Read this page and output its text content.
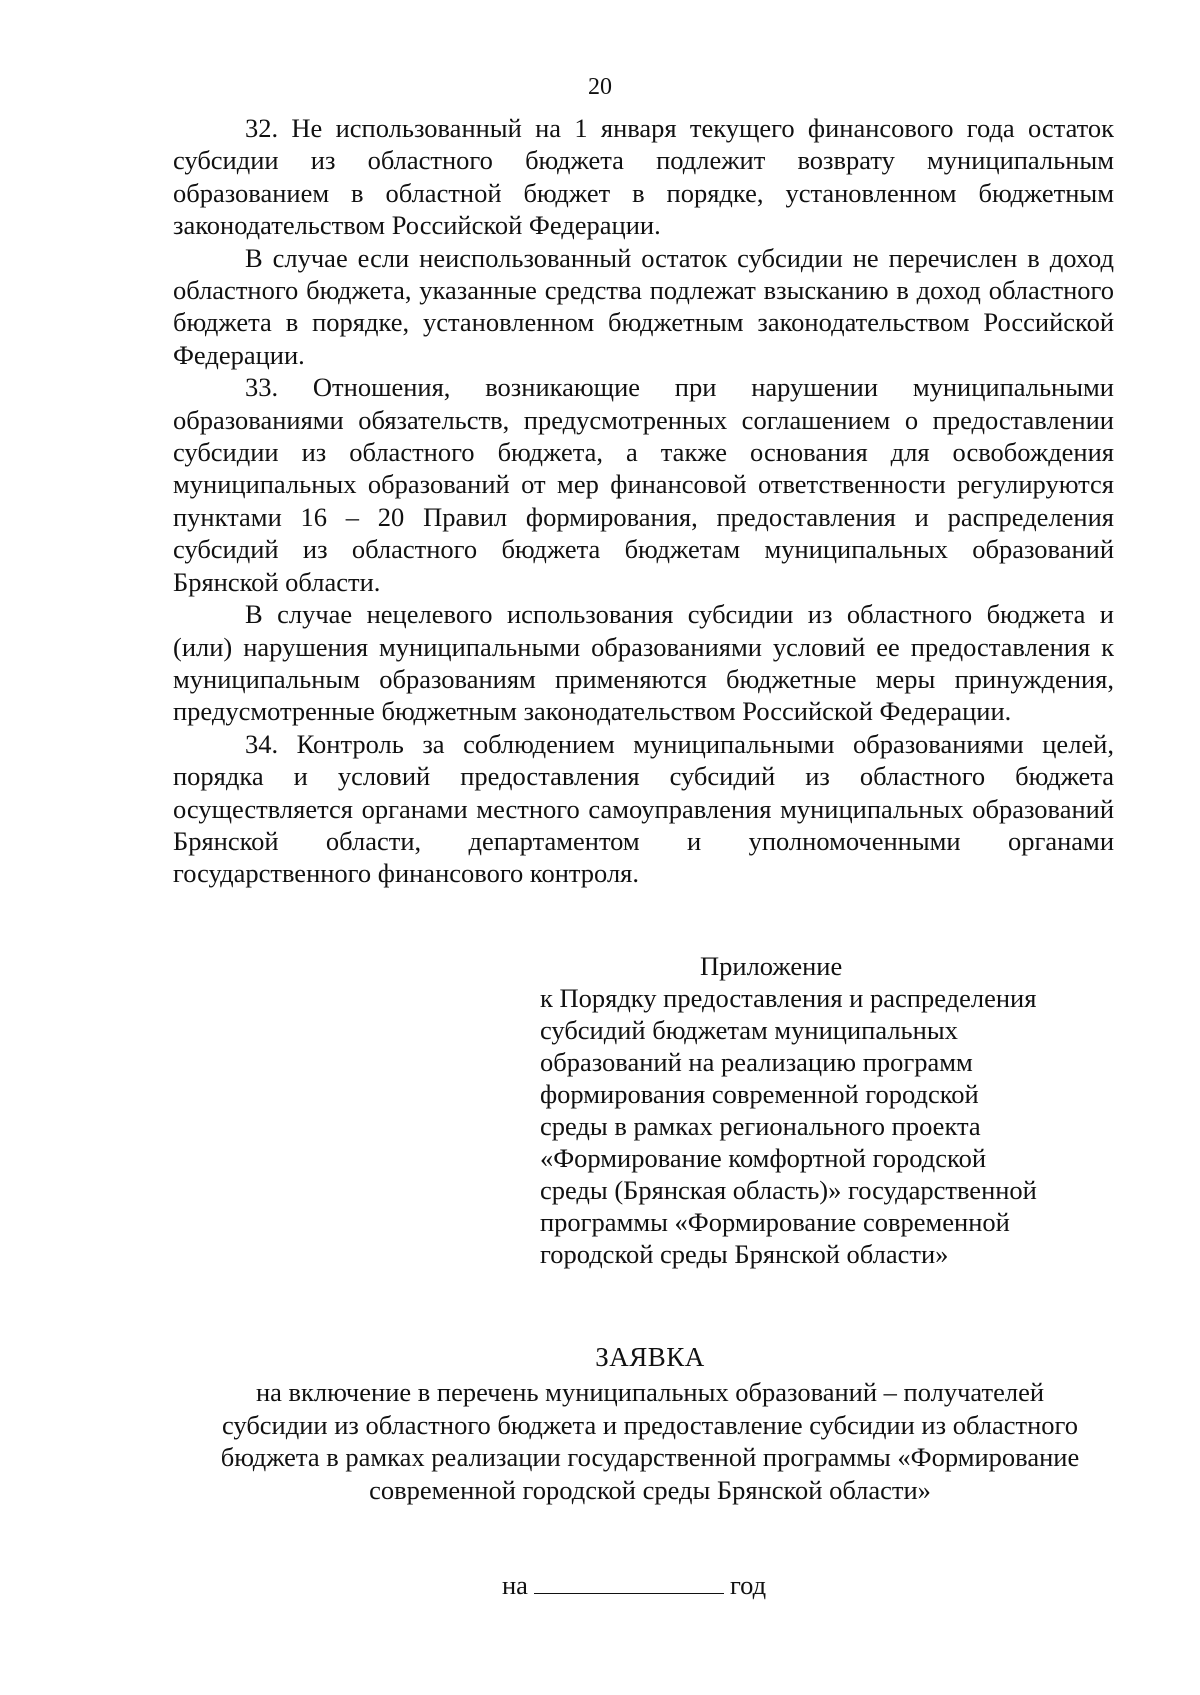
20

32. Не использованный на 1 января текущего финансового года остаток субсидии из областного бюджета подлежит возврату муниципальным образованием в областной бюджет в порядке, установленном бюджетным законодательством Российской Федерации.

В случае если неиспользованный остаток субсидии не перечислен в доход областного бюджета, указанные средства подлежат взысканию в доход областного бюджета в порядке, установленном бюджетным законодательством Российской Федерации.

33. Отношения, возникающие при нарушении муниципальными образованиями обязательств, предусмотренных соглашением о предоставлении субсидии из областного бюджета, а также основания для освобождения муниципальных образований от мер финансовой ответственности регулируются пунктами 16 – 20 Правил формирования, предоставления и распределения субсидий из областного бюджета бюджетам муниципальных образований Брянской области.

В случае нецелевого использования субсидии из областного бюджета и (или) нарушения муниципальными образованиями условий ее предоставления к муниципальным образованиям применяются бюджетные меры принуждения, предусмотренные бюджетным законодательством Российской Федерации.

34. Контроль за соблюдением муниципальными образованиями целей, порядка и условий предоставления субсидий из областного бюджета осуществляется органами местного самоуправления муниципальных образований Брянской области, департаментом и уполномоченными органами государственного финансового контроля.

Приложение
к Порядку предоставления и распределения
субсидий бюджетам муниципальных
образований на реализацию программ
формирования современной городской
среды в рамках регионального проекта
«Формирование комфортной городской
среды (Брянская область)» государственной
программы «Формирование современной
городской среды Брянской области»
ЗАЯВКА
на включение в перечень муниципальных образований – получателей
субсидии из областного бюджета и предоставление субсидии из областного
бюджета в рамках реализации государственной программы «Формирование
современной городской среды Брянской области»
на	год
